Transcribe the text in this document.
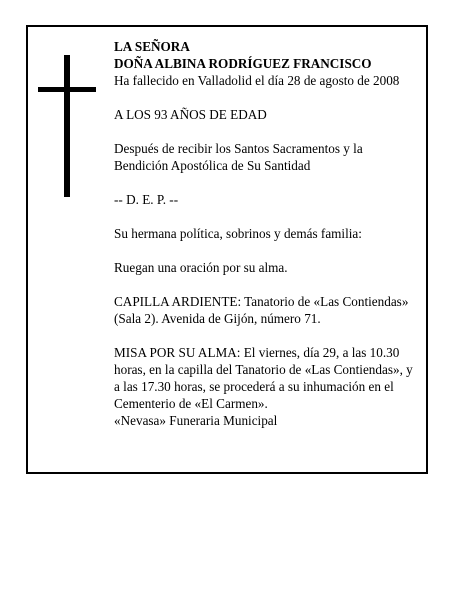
LA SEÑORA
DOÑA ALBINA RODRÍGUEZ FRANCISCO
Ha fallecido en Valladolid el día 28 de agosto de 2008
A LOS 93 AÑOS DE EDAD
Después de recibir los Santos Sacramentos y la
Bendición Apostólica de Su Santidad
-- D. E. P. --
Su hermana política, sobrinos y demás familia:
Ruegan una oración por su alma.
CAPILLA ARDIENTE: Tanatorio de «Las Contiendas»
(Sala 2). Avenida de Gijón, número 71.
MISA POR SU ALMA: El viernes, día 29, a las 10.30
horas, en la capilla del Tanatorio de «Las Contiendas», y
a las 17.30 horas, se procederá a su inhumación en el
Cementerio de «El Carmen».
«Nevasa» Funeraria Municipal
